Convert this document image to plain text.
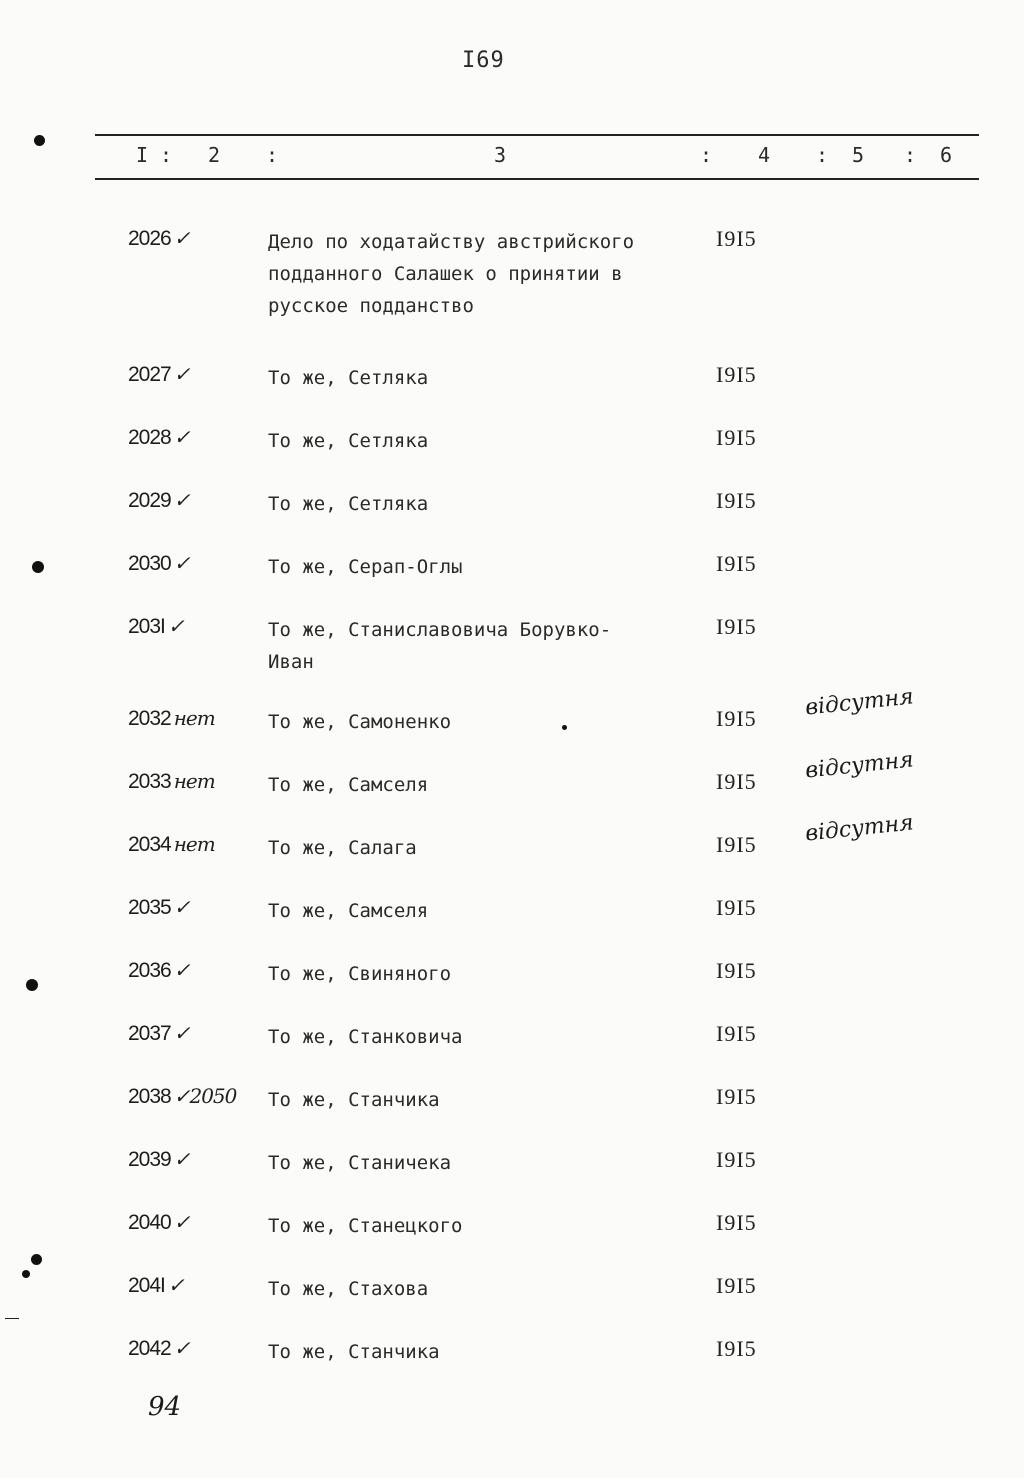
I69
I : 2 :	3	: 4 : 5 : 6
2026 ✓	Дело по ходатайству австрийского
подданного Салашек о принятии в
русское подданство
I9I5
2027 ✓	То же, Сетляка	I9I5
2028 ✓	То же, Сетляка	I9I5
2029 ✓	То же, Сетляка	I9I5
2030 ✓	То же, Серап-Оглы	I9I5
203I ✓	То же, Станиславовича Борувко-
Иван
I9I5
2032 нет	То же, Самоненко	I9I5 відсутня
2033 нет	То же, Самселя	I9I5 відсутня
2034 нет	То же, Салага	I9I5 відсутня
2035 ✓	То же, Самселя	I9I5
2036 ✓	То же, Свиняного	I9I5
2037 ✓	То же, Станковича	I9I5
2038 ✓2050 То же, Станчика	I9I5
2039 ✓	То же, Станичека	I9I5
2040 ✓	То же, Станецкого	I9I5
204I ✓	То же, Стахова	I9I5
2042 ✓	То же, Станчика	I9I5
94
